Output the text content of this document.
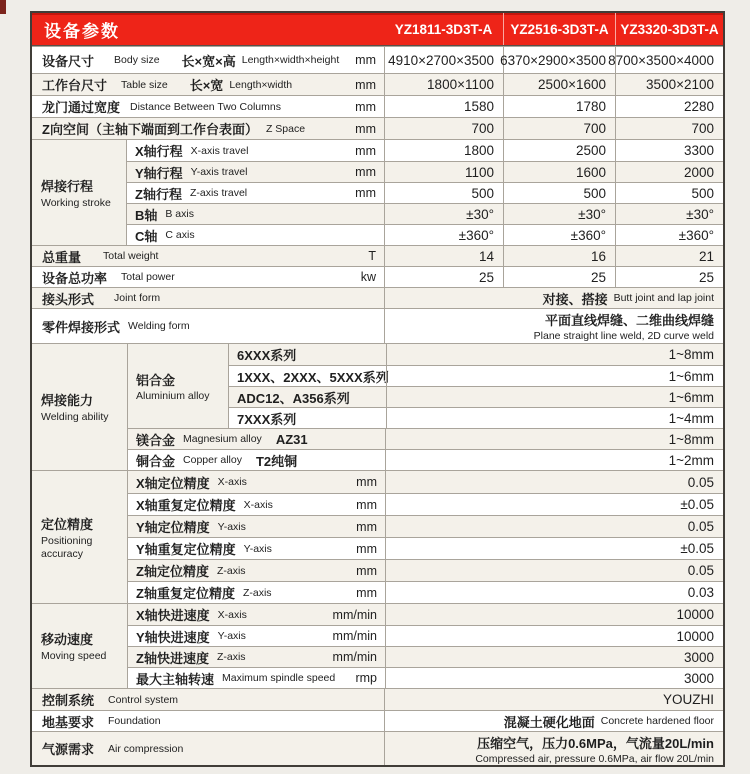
设备参数	YZ1811-3D3T-A	YZ2516-3D3T-A YZ3320-3D3T-A
设备尺寸 Body size 长×宽×高 Length×width×height	mm 4910×2700×3500 6370×2900×3500 8700×3500×4000
工作台尺寸 Table size 长×宽 Length×width	mm	1800×1100	2500×1600	3500×2100
龙门通过宽度 Distance Between Two Columns	mm	1580	1780	2280
Z向空间（主轴下端面到工作台表面） Z Space	mm	700	700	700
焊接行程
Working stroke
X轴行程 X-axis travel	mm	1800	2500	3300
Y轴行程 Y-axis travel	mm	1100	1600	2000
Z轴行程 Z-axis travel	mm	500	500	500
B轴 B axis	±30°	±30°	±30°
C轴 C axis	±360°	±360°	±360°
总重量 Total weight	T	14	16	21
设备总功率 Total power	kw	25	25	25
接头形式 Joint form	对接、搭接 Butt joint and lap joint
零件焊接形式 Welding form	平面直线焊缝、二维曲线焊缝
Plane straight line weld, 2D curve weld
焊接能力
Welding ability
铝合金
Aluminium alloy
6XXX系列	1~8mm
1XXX、2XXX、5XXX系列	1~6mm
ADC12、A356系列	1~6mm
7XXX系列	1~4mm
镁合金 Magnesium alloy AZ31	1~8mm
铜合金 Copper alloy T2纯铜	1~2mm
定位精度
Positioning accuracy
X轴定位精度 X-axis	mm	0.05
X轴重复定位精度 X-axis	mm	±0.05
Y轴定位精度 Y-axis	mm	0.05
Y轴重复定位精度 Y-axis	mm	±0.05
Z轴定位精度 Z-axis	mm	0.05
Z轴重复定位精度 Z-axis	mm	0.03
移动速度
Moving speed
X轴快进速度 X-axis	mm/min	10000
Y轴快进速度 Y-axis	mm/min	10000
Z轴快进速度 Z-axis	mm/min	3000
最大主轴转速 Maximum spindle speed	rmp	3000
控制系统 Control system	YOUZHI
地基要求 Foundation	混凝土硬化地面 Concrete hardened floor
气源需求 Air compression	压缩空气，压力0.6MPa，气流量20L/min
Compressed air, pressure 0.6MPa, air flow 20L/min
